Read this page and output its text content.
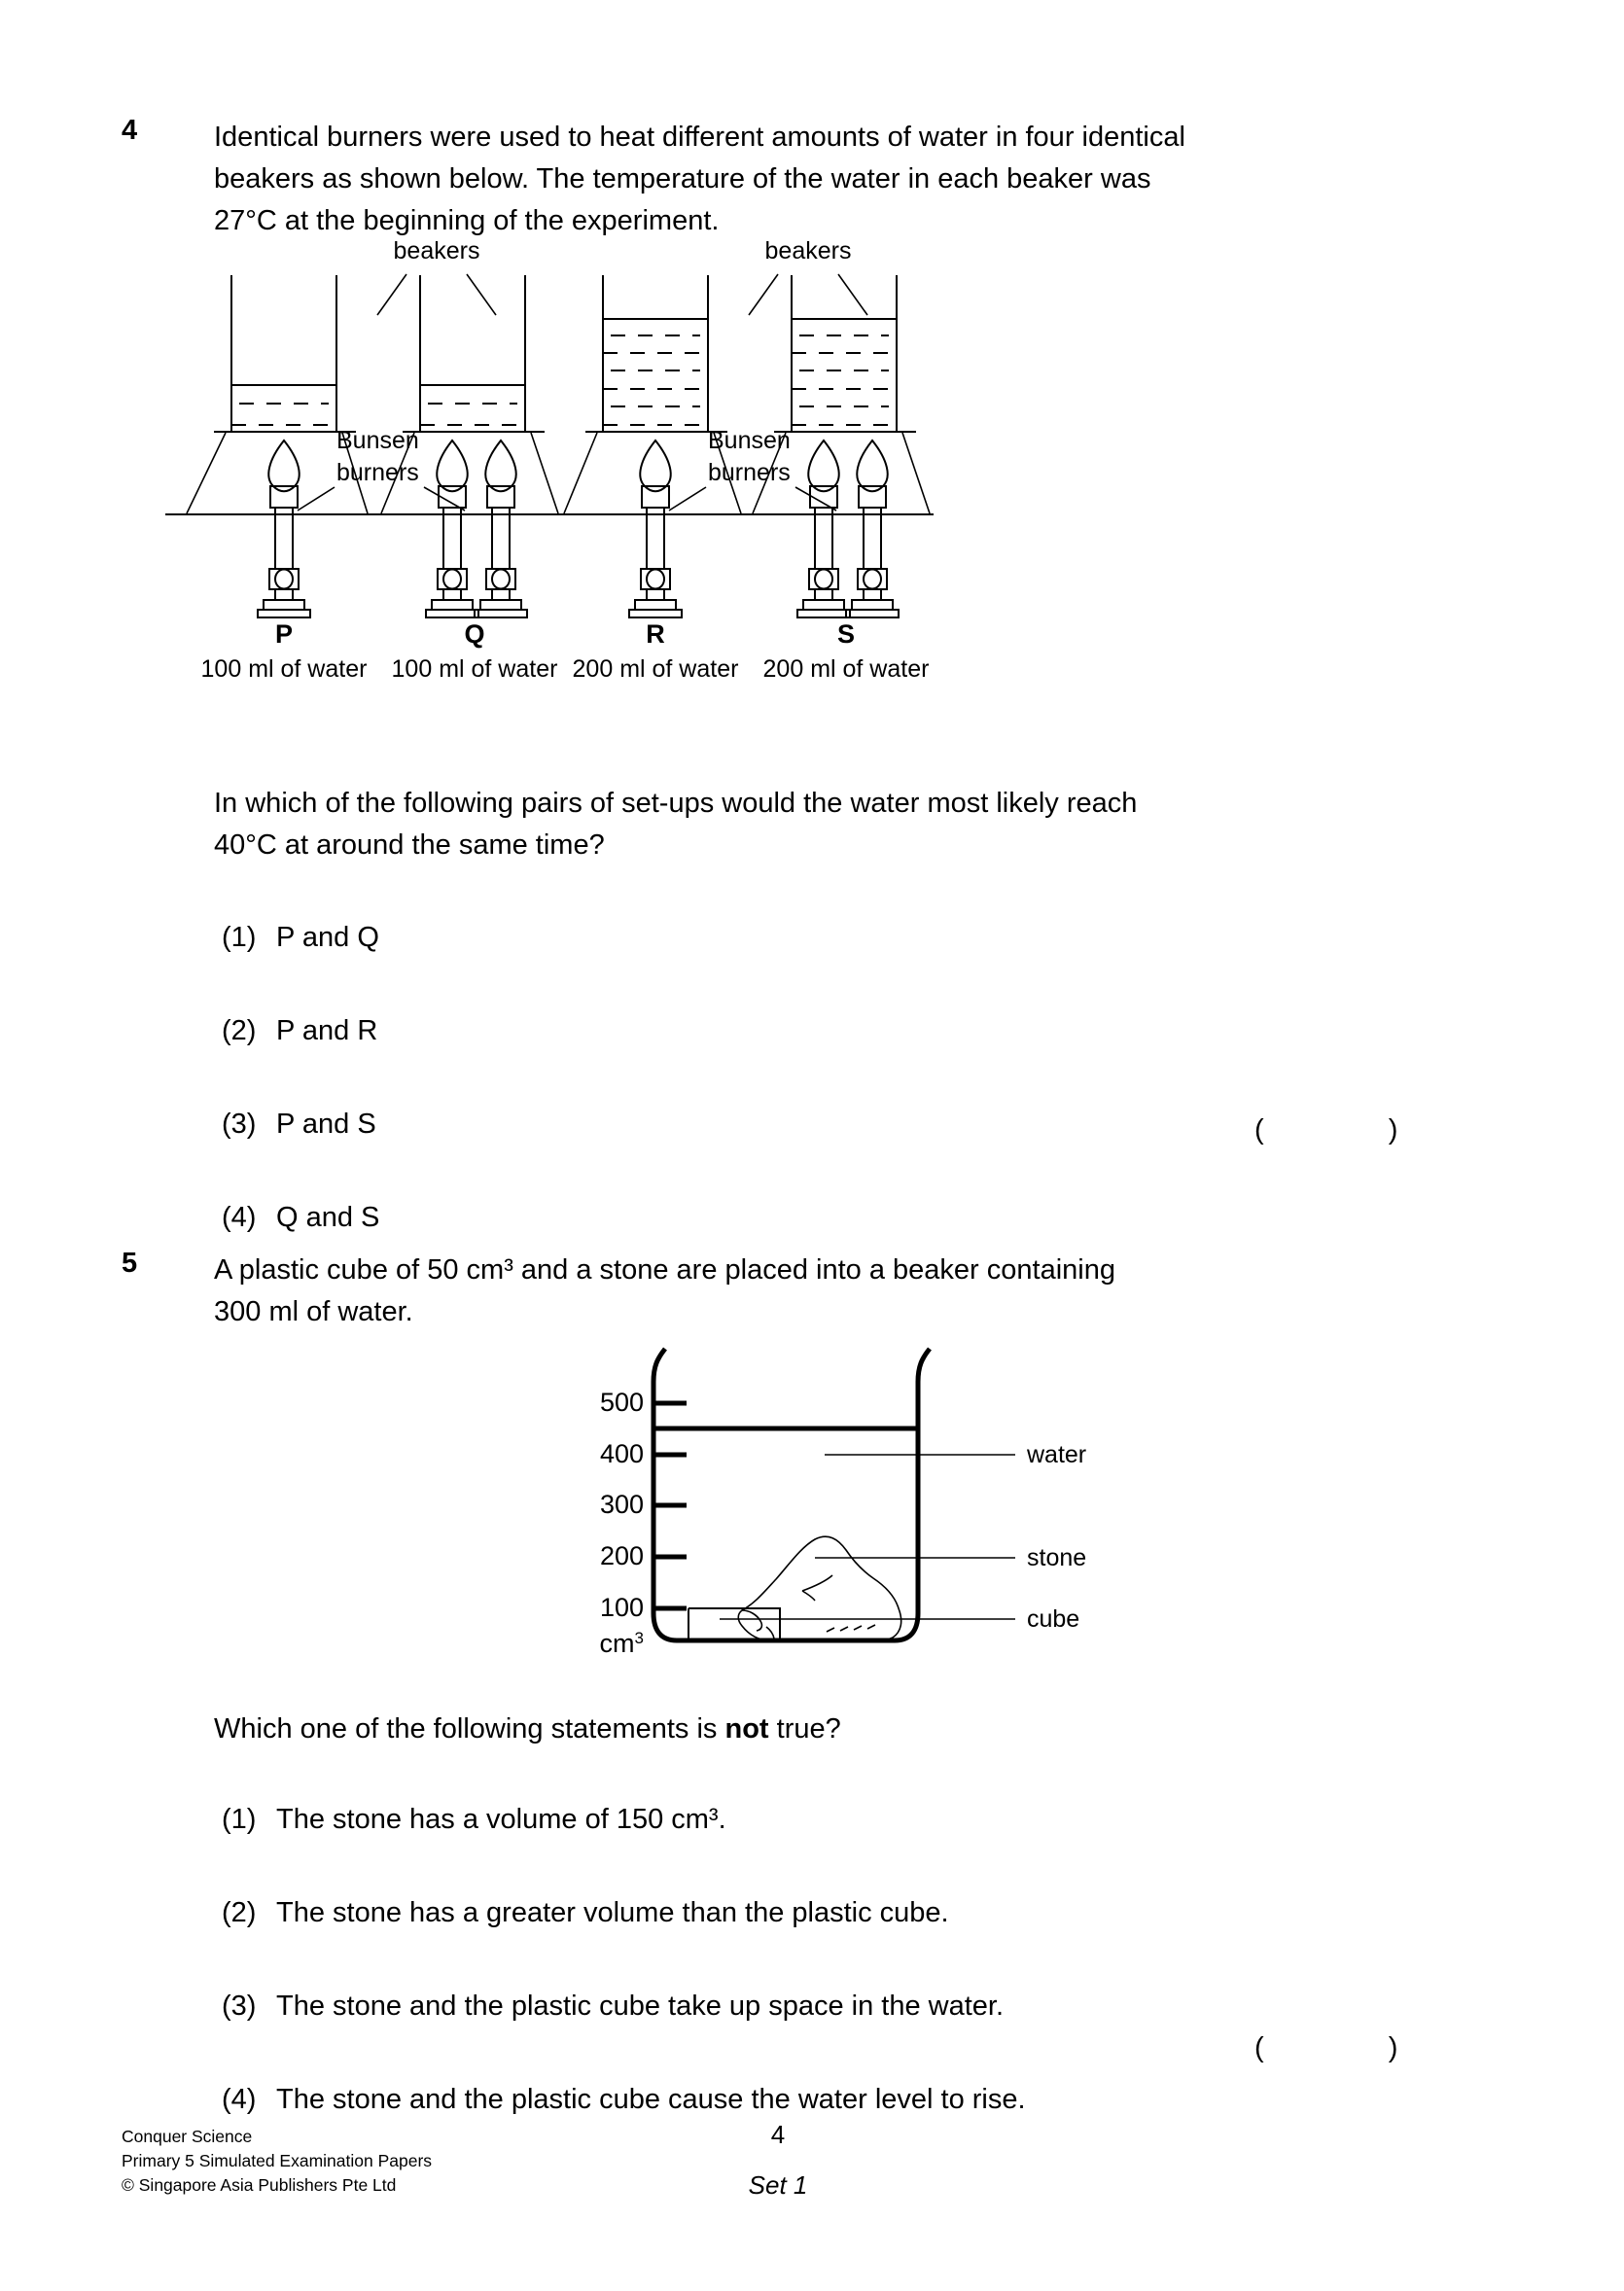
4	Identical burners were used to heat different amounts of water in four identical
beakers as shown below. The temperature of the water in each beaker was
27°C at the beginning of the experiment.
beakers	beakers
P
100 ml of water
Q
100 ml of water
Bunsen
burners
R
200 ml of water
S
200 ml of water
Bunsen
burners
In which of the following pairs of set-ups would the water most likely reach
40°C at around the same time?
(1) P and Q
(2) P and R
(3) P and S
(4) Q and S
(	)
5	A plastic cube of 50 cm³ and a stone are placed into a beaker containing
300 ml of water.
500
400
300
200
100
$cm^3$
water
stone
cube
Which one of the following statements is not true?
(1) The stone has a volume of 150 cm³.
(2) The stone has a greater volume than the plastic cube.
(3) The stone and the plastic cube take up space in the water.
(4) The stone and the plastic cube cause the water level to rise.
(	)
Conquer Science
Primary 5 Simulated Examination Papers
© Singapore Asia Publishers Pte Ltd
4
Set 1
